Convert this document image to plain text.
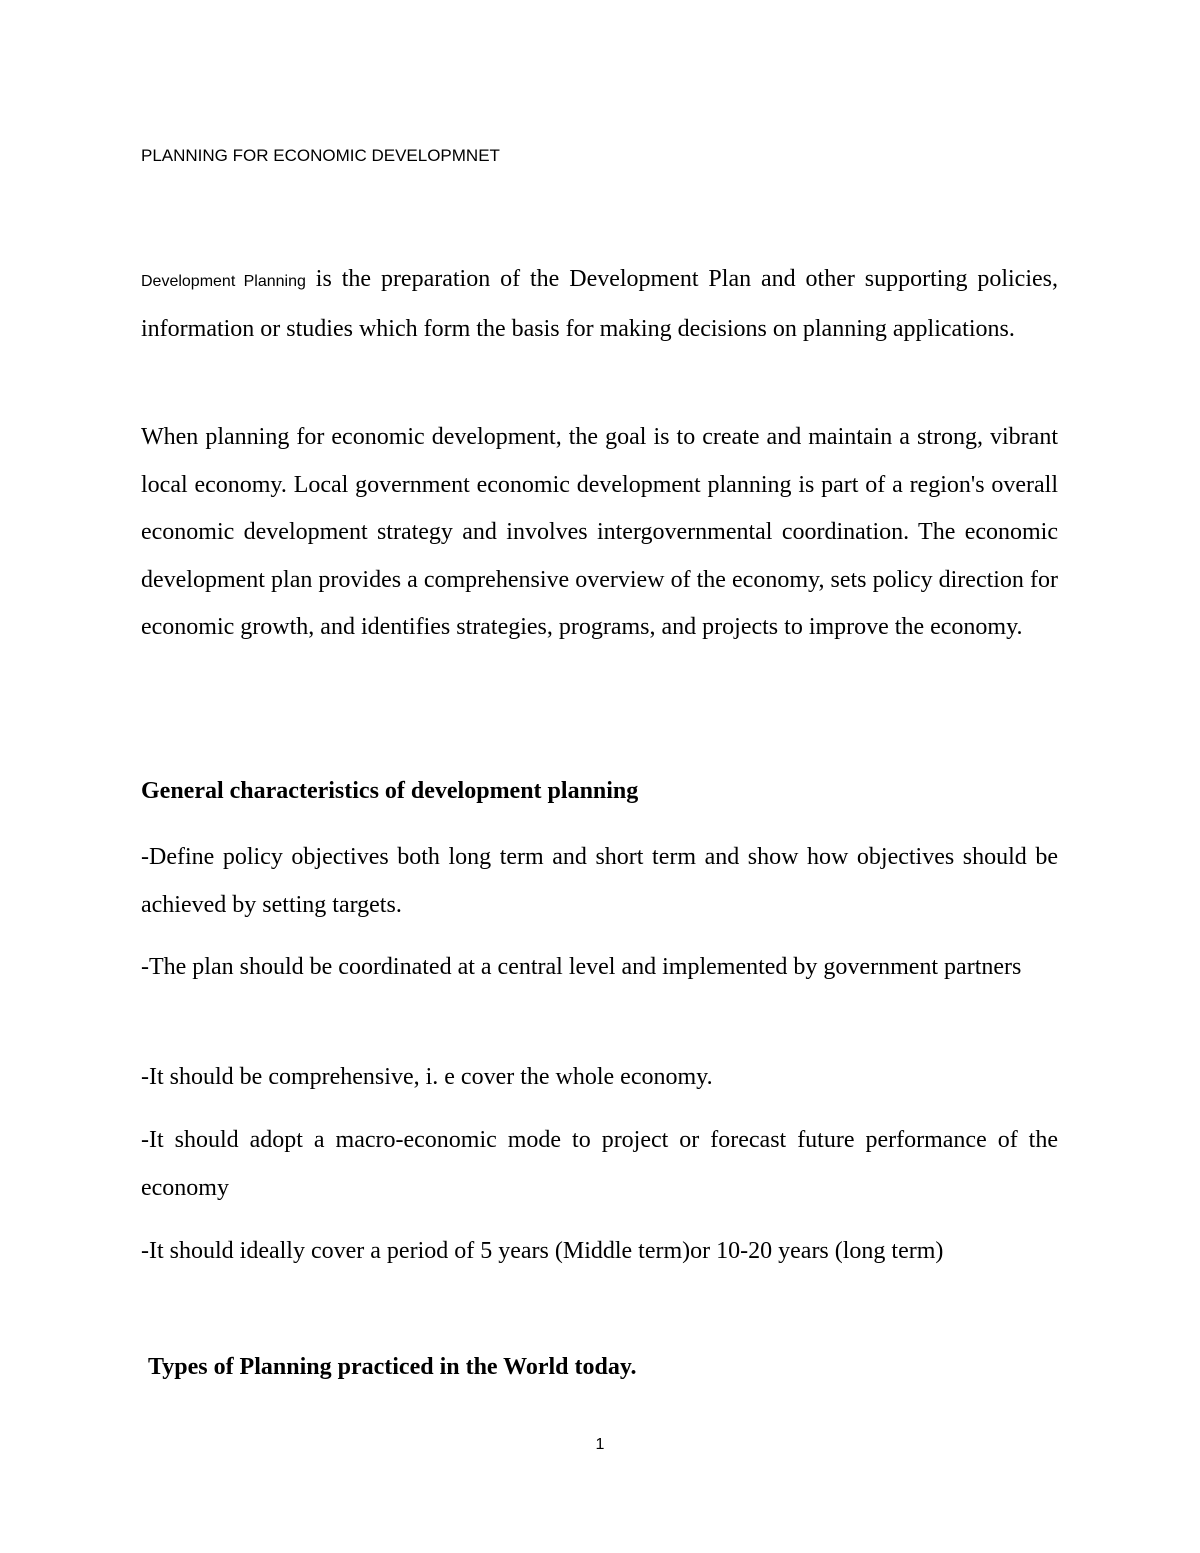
PLANNING FOR ECONOMIC DEVELOPMNET

Development Planning is the preparation of the Development Plan and other supporting policies, information or studies which form the basis for making decisions on planning applications.

When planning for economic development, the goal is to create and maintain a strong, vibrant local economy. Local government economic development planning is part of a region's overall economic development strategy and involves intergovernmental coordination. The economic development plan provides a comprehensive overview of the economy, sets policy direction for economic growth, and identifies strategies, programs, and projects to improve the economy.

General characteristics of development planning

-Define policy objectives both long term and short term and show how objectives should be achieved by setting targets.

-The plan should be coordinated at a central level and implemented by government partners

-It should be comprehensive, i. e cover the whole economy.

-It should adopt a macro-economic mode to project or forecast future performance of the economy

-It should ideally cover a period of 5 years (Middle term)or 10-20 years (long term)

Types of Planning practiced in the World today.
1
